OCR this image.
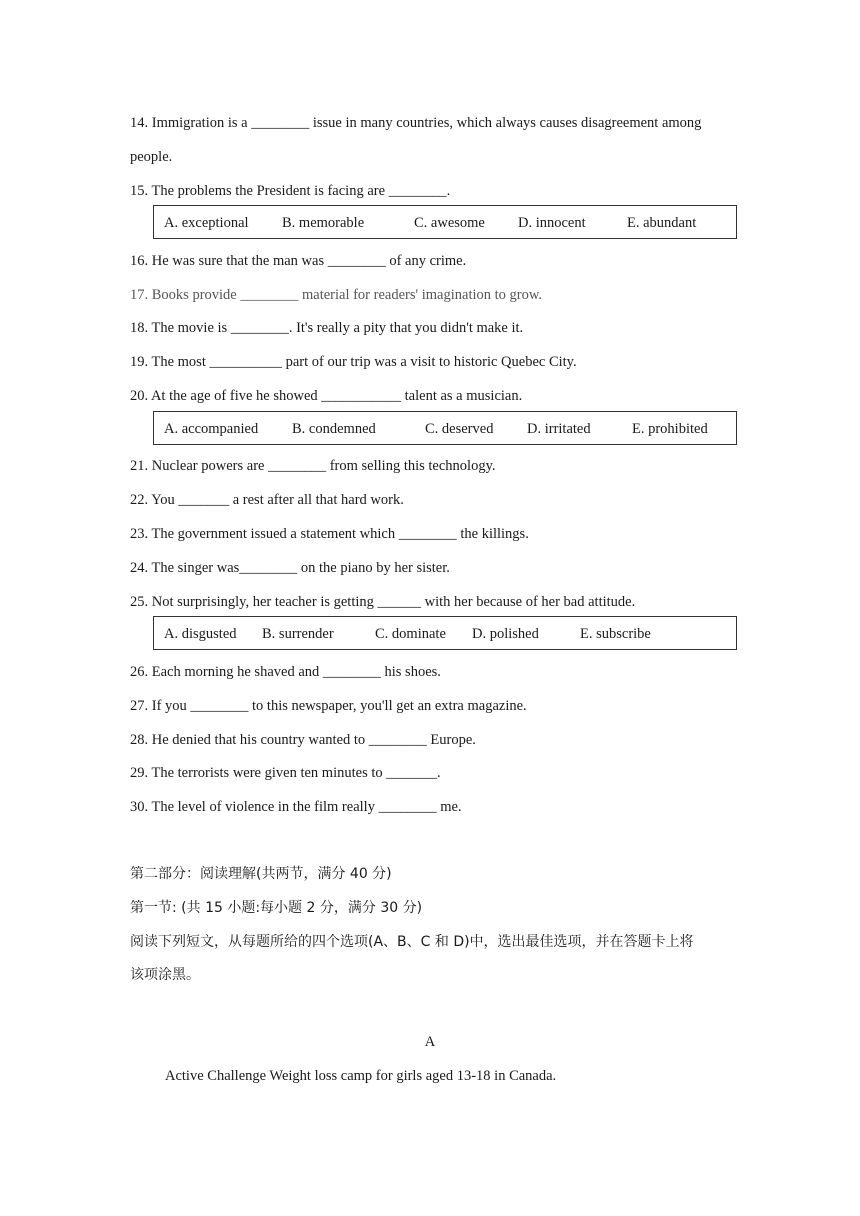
14. Immigration is a ________ issue in many countries, which always causes disagreement among
people.
15. The problems the President is facing are ________.
A. exceptional B. memorable	C. awesome D. innocent	E. abundant
16. He was sure that the man was ________ of any crime.
17. Books provide ________ material for readers' imagination to grow.
18. The movie is ________. It's really a pity that you didn't make it.
19. The most __________ part of our trip was a visit to historic Quebec City.
20. At the age of five he showed ___________ talent as a musician.
A. accompanied B. condemned	C. deserved D. irritated	E. prohibited
21. Nuclear powers are ________ from selling this technology.
22. You _______ a rest after all that hard work.
23. The government issued a statement which ________ the killings.
24. The singer was________ on the piano by her sister.
25. Not surprisingly, her teacher is getting ______ with her because of her bad attitude.
A. disgusted B. surrender	C. dominate D. polished	E. subscribe
26. Each morning he shaved and ________ his shoes.
27. If you ________ to this newspaper, you'll get an extra magazine.
28. He denied that his country wanted to ________ Europe.
29. The terrorists were given ten minutes to _______.
30. The level of violence in the film really ________ me.
第二部分：阅读理解(共两节，满分 40 分)
第一节: (共 15 小题:每小题 2 分，满分 30 分)
阅读下列短文，从每题所给的四个选项(A、B、C 和 D)中，选出最佳选项，并在答题卡上将
该项涂黑。
A
Active Challenge Weight loss camp for girls aged 13-18 in Canada.
